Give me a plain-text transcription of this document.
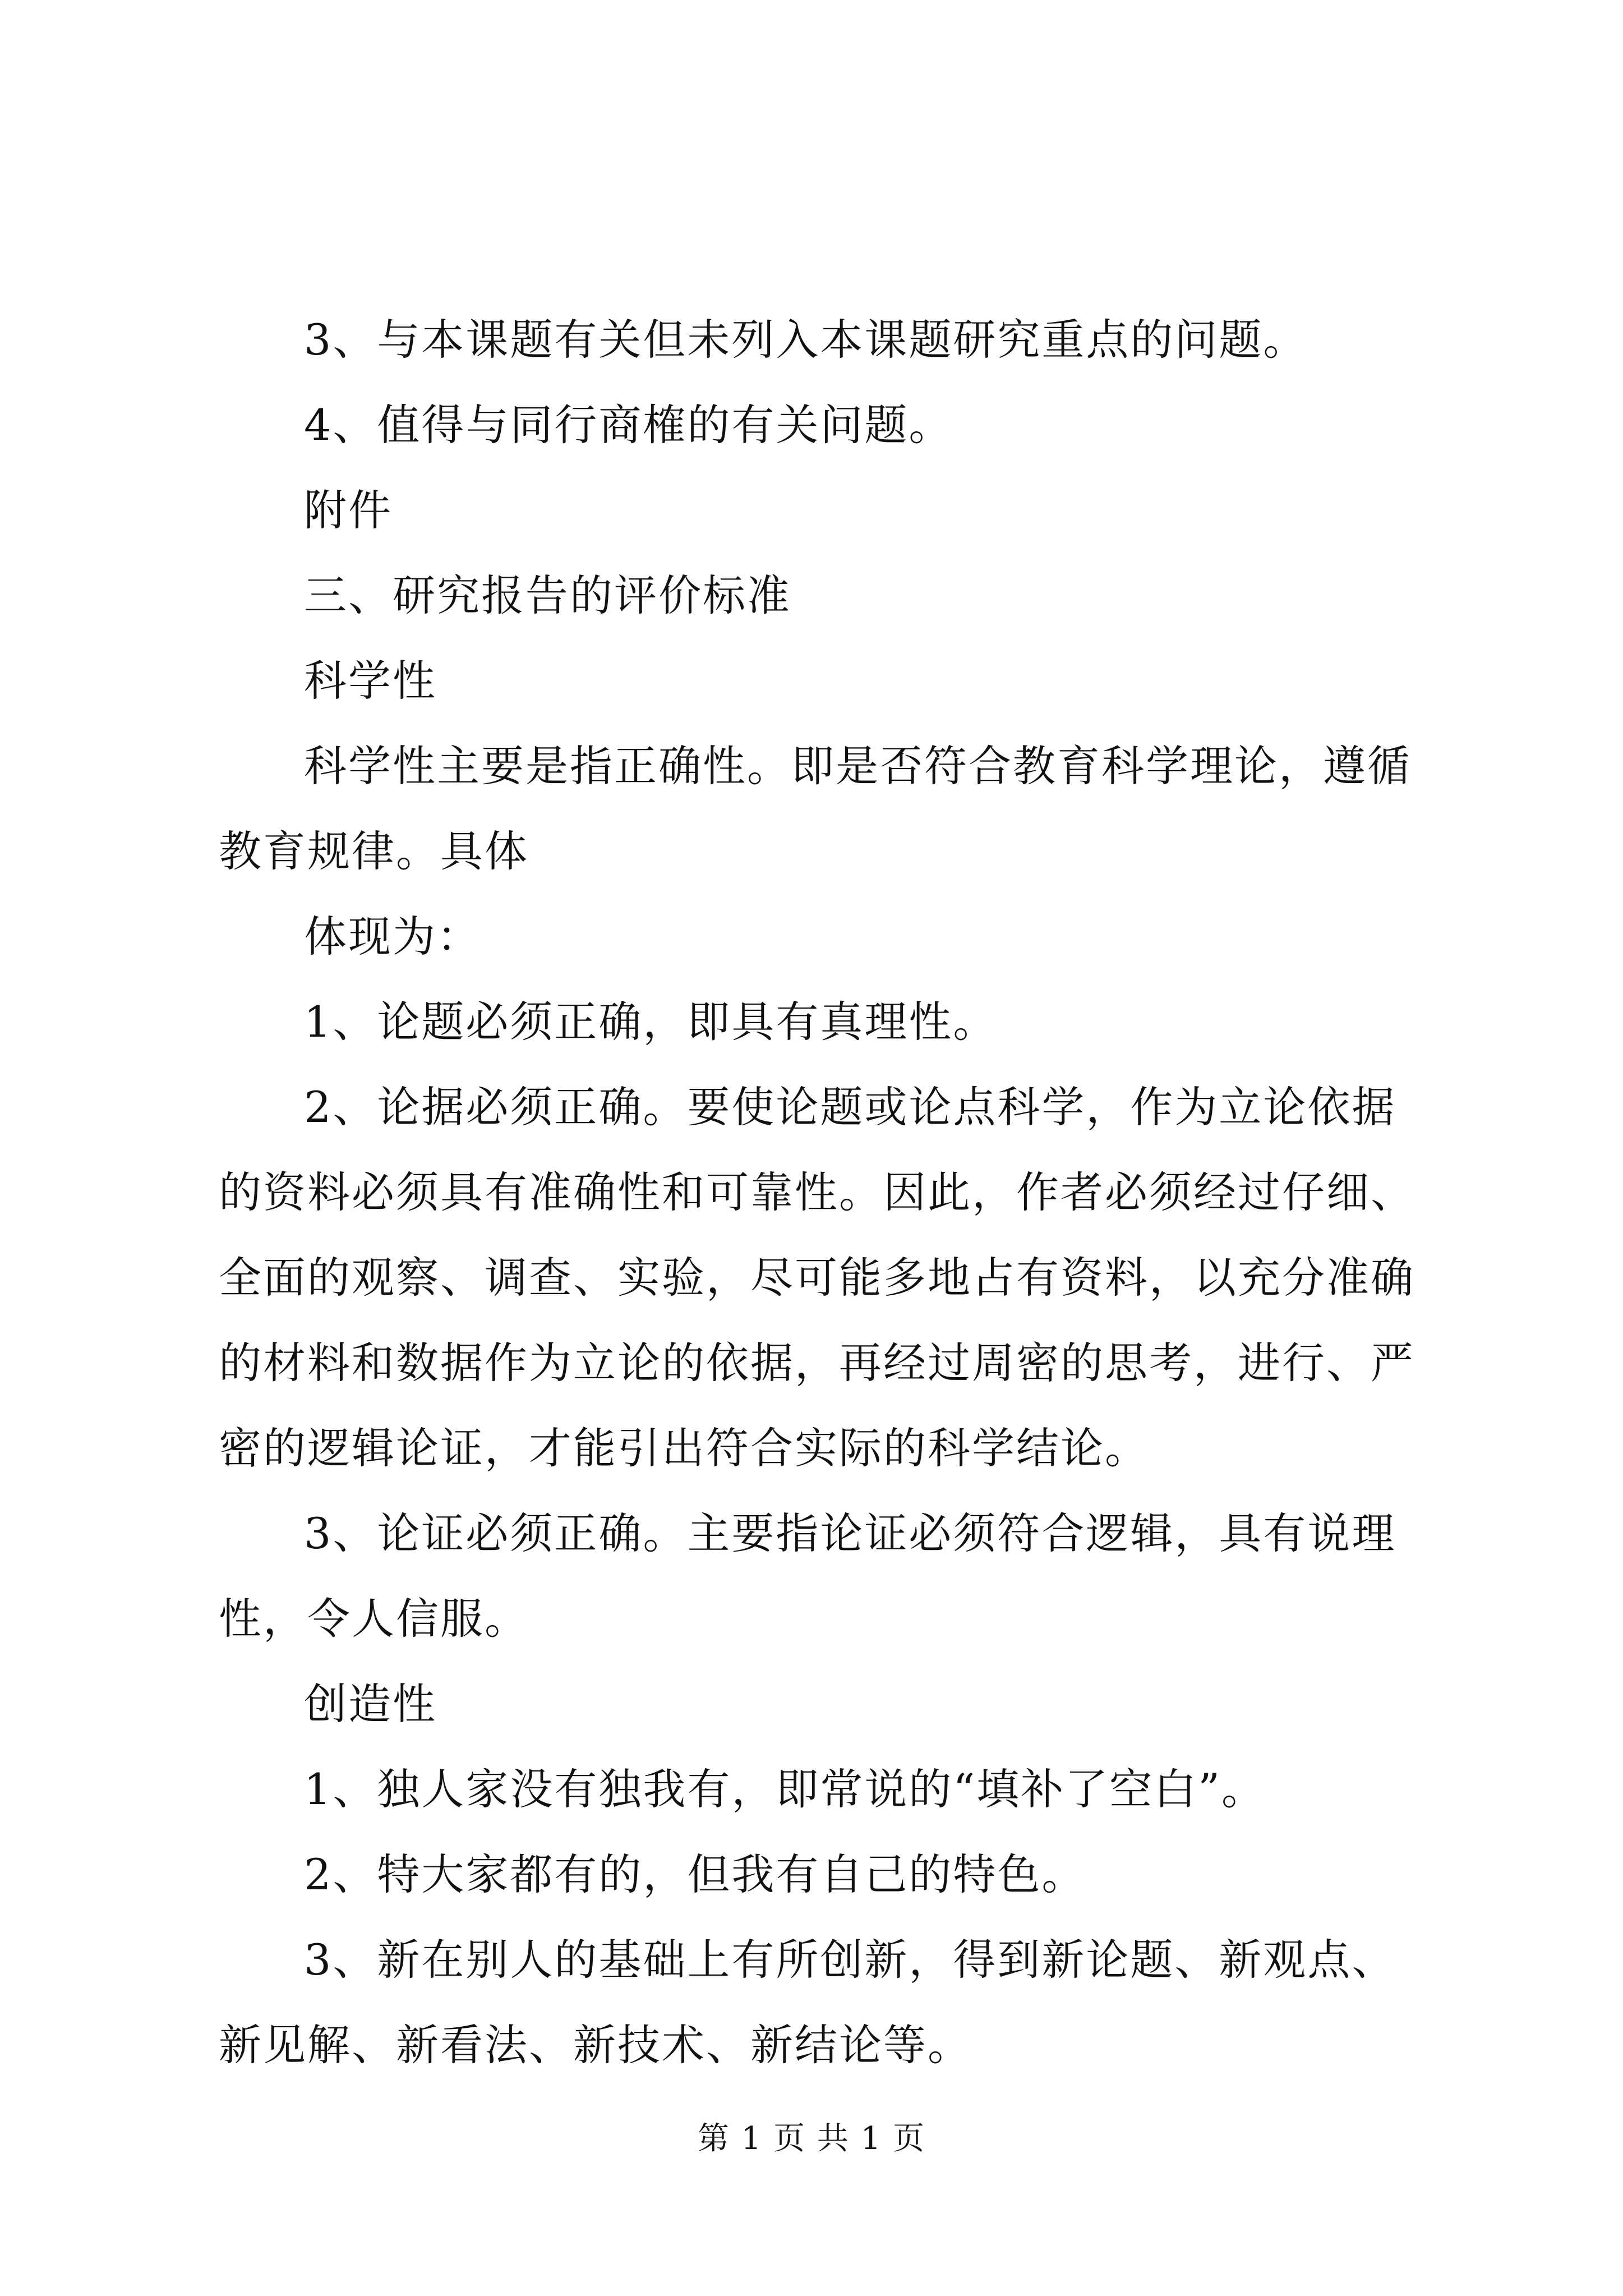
3、与本课题有关但未列入本课题研究重点的问题。

4、值得与同行商榷的有关问题。

附件

三、研究报告的评价标准

科学性

科学性主要是指正确性。即是否符合教育科学理论，遵循教育规律。具体

体现为：

1、论题必须正确，即具有真理性。

2、论据必须正确。要使论题或论点科学，作为立论依据的资料必须具有准确性和可靠性。因此，作者必须经过仔细、全面的观察、调查、实验，尽可能多地占有资料，以充分准确的材料和数据作为立论的依据，再经过周密的思考，进行、严密的逻辑论证，才能引出符合实际的科学结论。

3、论证必须正确。主要指论证必须符合逻辑，具有说理性，令人信服。

创造性

1、独人家没有独我有，即常说的“填补了空白”。

2、特大家都有的，但我有自己的特色。

3、新在别人的基础上有所创新，得到新论题、新观点、新见解、新看法、新技术、新结论等。

第 1 页 共 1 页
